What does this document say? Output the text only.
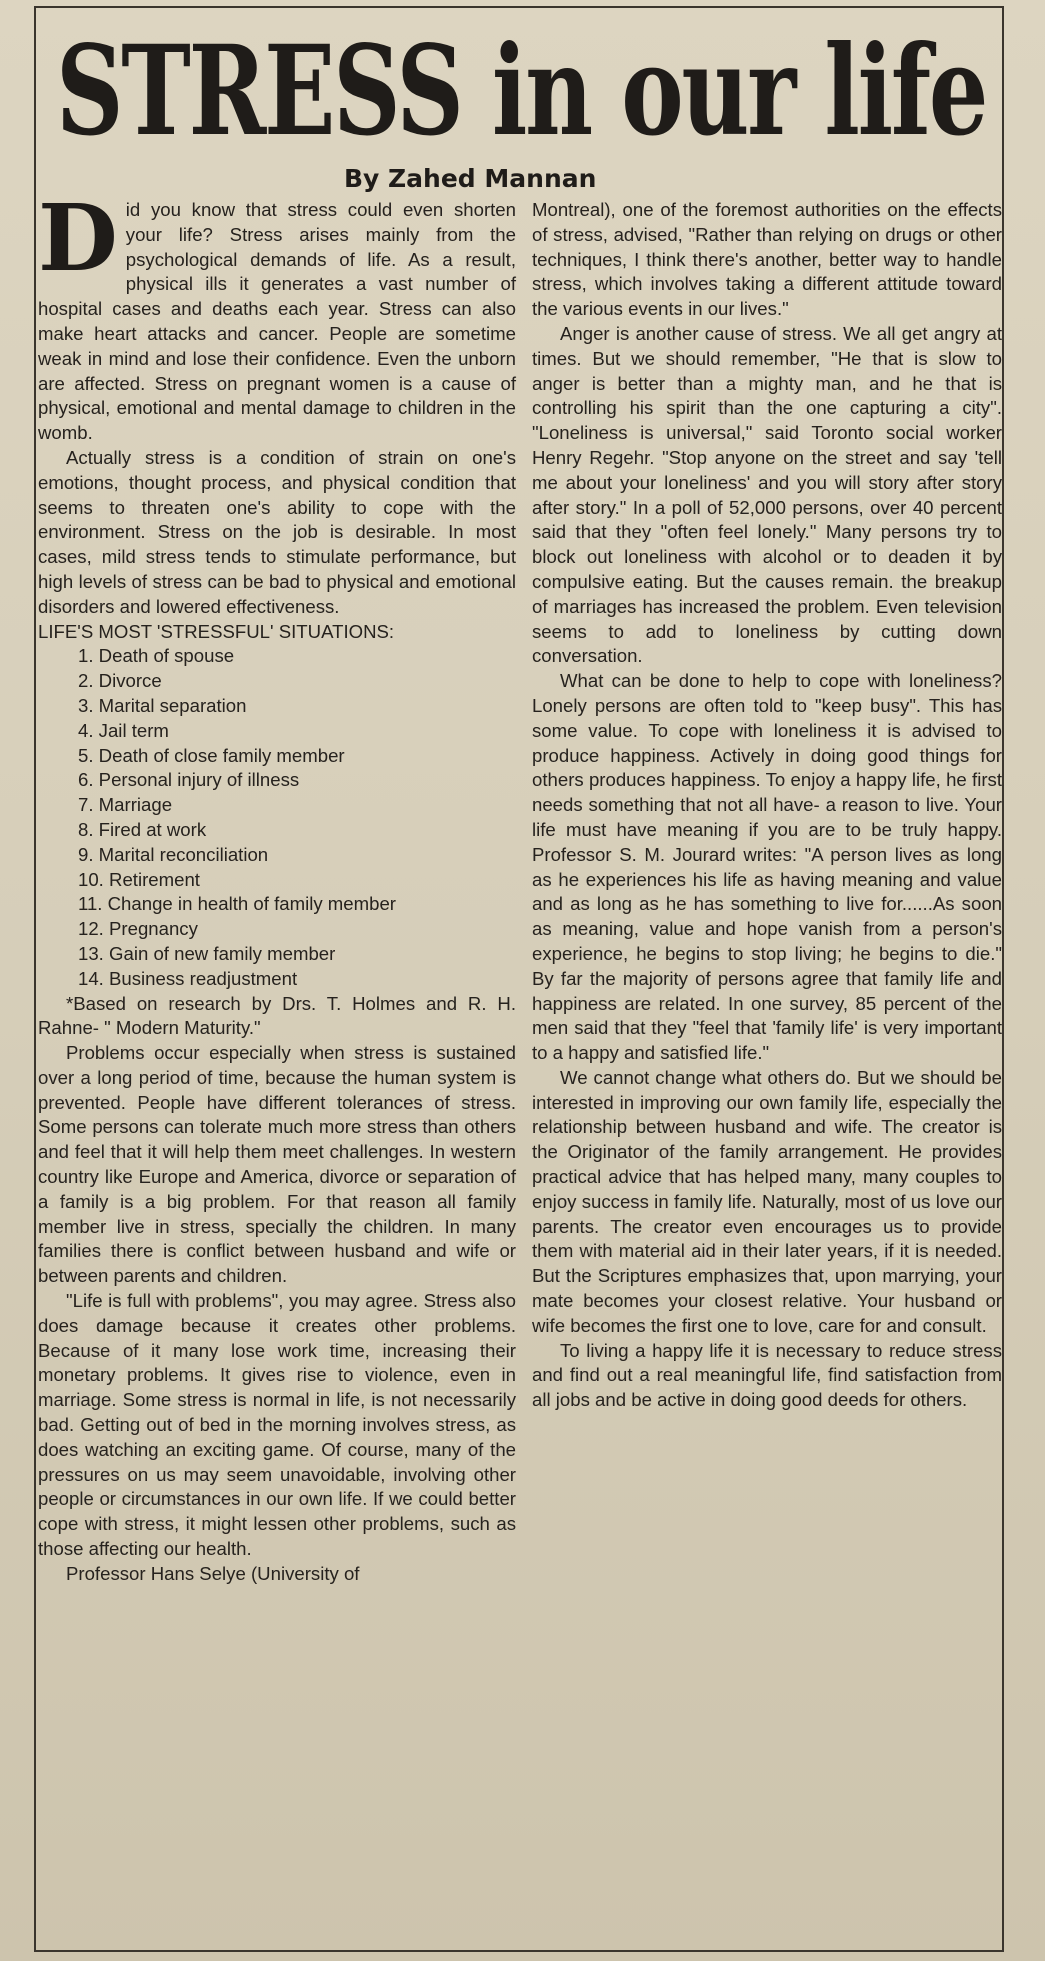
STRESS in our life
By Zahed Mannan

Did you know that stress could even shorten your life? Stress arises mainly from the psychological demands of life. As a result, physical ills it generates a vast number of hospital cases and deaths each year. Stress can also make heart attacks and cancer. People are sometime weak in mind and lose their confidence. Even the unborn are affected. Stress on pregnant women is a cause of physical, emotional and mental damage to children in the womb.

Actually stress is a condition of strain on one's emotions, thought process, and physical condition that seems to threaten one's ability to cope with the environment. Stress on the job is desirable. In most cases, mild stress tends to stimulate performance, but high levels of stress can be bad to physical and emotional disorders and lowered effectiveness.

LIFE'S MOST 'STRESSFUL' SITUATIONS:

1. Death of spouse
2. Divorce
3. Marital separation
4. Jail term
5. Death of close family member
6. Personal injury of illness
7. Marriage
8. Fired at work
9. Marital reconciliation
10. Retirement
11. Change in health of family member
12. Pregnancy
13. Gain of new family member
14. Business readjustment

*Based on research by Drs. T. Holmes and R. H. Rahne- " Modern Maturity."

Problems occur especially when stress is sustained over a long period of time, because the human system is prevented. People have different tolerances of stress. Some persons can tolerate much more stress than others and feel that it will help them meet challenges. In western country like Europe and America, divorce or separation of a family is a big problem. For that reason all family member live in stress, specially the children. In many families there is conflict between husband and wife or between parents and children.

"Life is full with problems", you may agree. Stress also does damage because it creates other problems. Because of it many lose work time, increasing their monetary problems. It gives rise to violence, even in marriage. Some stress is normal in life, is not necessarily bad. Getting out of bed in the morning involves stress, as does watching an exciting game. Of course, many of the pressures on us may seem unavoidable, involving other people or circumstances in our own life. If we could better cope with stress, it might lessen other problems, such as those affecting our health.

Professor Hans Selye (University of

Montreal), one of the foremost authorities on the effects of stress, advised, "Rather than relying on drugs or other techniques, I think there's another, better way to handle stress, which involves taking a different attitude toward the various events in our lives."

Anger is another cause of stress. We all get angry at times. But we should remember, "He that is slow to anger is better than a mighty man, and he that is controlling his spirit than the one capturing a city". "Loneliness is universal," said Toronto social worker Henry Regehr. "Stop anyone on the street and say 'tell me about your loneliness' and you will story after story after story." In a poll of 52,000 persons, over 40 percent said that they "often feel lonely." Many persons try to block out loneliness with alcohol or to deaden it by compulsive eating. But the causes remain. the breakup of marriages has increased the problem. Even television seems to add to loneliness by cutting down conversation.

What can be done to help to cope with loneliness? Lonely persons are often told to "keep busy". This has some value. To cope with loneliness it is advised to produce happiness. Actively in doing good things for others produces happiness. To enjoy a happy life, he first needs something that not all have- a reason to live. Your life must have meaning if you are to be truly happy. Professor S. M. Jourard writes: "A person lives as long as he experiences his life as having meaning and value and as long as he has something to live for......As soon as meaning, value and hope vanish from a person's experience, he begins to stop living; he begins to die." By far the majority of persons agree that family life and happiness are related. In one survey, 85 percent of the men said that they "feel that 'family life' is very important to a happy and satisfied life."

We cannot change what others do. But we should be interested in improving our own family life, especially the relationship between husband and wife. The creator is the Originator of the family arrangement. He provides practical advice that has helped many, many couples to enjoy success in family life. Naturally, most of us love our parents. The creator even encourages us to provide them with material aid in their later years, if it is needed. But the Scriptures emphasizes that, upon marrying, your mate becomes your closest relative. Your husband or wife becomes the first one to love, care for and consult.

To living a happy life it is necessary to reduce stress and find out a real meaningful life, find satisfaction from all jobs and be active in doing good deeds for others.
